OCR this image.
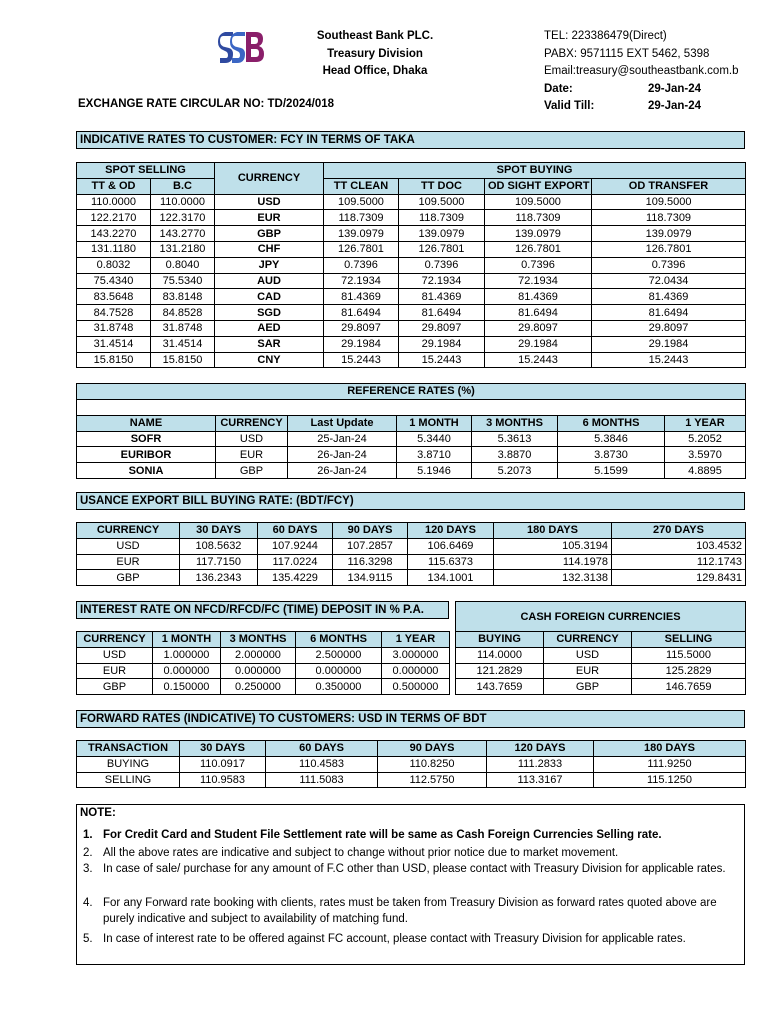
Southeast Bank PLC.
Treasury Division
Head Office, Dhaka
TEL: 223386479(Direct)
PABX: 9571115 EXT 5462, 5398
Email:treasury@southeastbank.com.b
Date:	29-Jan-24
Valid Till:	29-Jan-24
EXCHANGE RATE CIRCULAR NO: TD/2024/018
INDICATIVE RATES TO CUSTOMER: FCY IN TERMS OF TAKA
SPOT SELLING		CURRENCY	SPOT BUYING			
TT & OD	B.C		TT CLEAN	TT DOC	OD SIGHT EXPORT	OD TRANSFER
110.0000	110.0000	USD	109.5000	109.5000	109.5000	109.5000
122.2170	122.3170	EUR	118.7309	118.7309	118.7309	118.7309
143.2270	143.2770	GBP	139.0979	139.0979	139.0979	139.0979
131.1180	131.2180	CHF	126.7801	126.7801	126.7801	126.7801
0.8032	0.8040	JPY	0.7396	0.7396	0.7396	0.7396
75.4340	75.5340	AUD	72.1934	72.1934	72.1934	72.0434
83.5648	83.8148	CAD	81.4369	81.4369	81.4369	81.4369
84.7528	84.8528	SGD	81.6494	81.6494	81.6494	81.6494
31.8748	31.8748	AED	29.8097	29.8097	29.8097	29.8097
31.4514	31.4514	SAR	29.1984	29.1984	29.1984	29.1984
15.8150	15.8150	CNY	15.2443	15.2443	15.2443	15.2443
REFERENCE RATES (%)						

NAME	CURRENCY	Last Update	1 MONTH	3 MONTHS	6 MONTHS	1 YEAR
SOFR	USD	25-Jan-24	5.3440	5.3613	5.3846	5.2052
EURIBOR	EUR	26-Jan-24	3.8710	3.8870	3.8730	3.5970
SONIA	GBP	26-Jan-24	5.1946	5.2073	5.1599	4.8895
USANCE EXPORT BILL BUYING RATE: (BDT/FCY)
CURRENCY	30 DAYS	60 DAYS	90 DAYS	120 DAYS	180 DAYS	270 DAYS
USD	108.5632	107.9244	107.2857	106.6469	105.3194	103.4532
EUR	117.7150	117.0224	116.3298	115.6373	114.1978	112.1743
GBP	136.2343	135.4229	134.9115	134.1001	132.3138	129.8431
INTEREST RATE ON NFCD/RFCD/FC (TIME) DEPOSIT IN % P.A.
CURRENCY	1 MONTH	3 MONTHS	6 MONTHS	1 YEAR
USD	1.000000	2.000000	2.500000	3.000000
EUR	0.000000	0.000000	0.000000	0.000000
GBP	0.150000	0.250000	0.350000	0.500000
CASH FOREIGN CURRENCIES		
BUYING	CURRENCY	SELLING
114.0000	USD	115.5000
121.2829	EUR	125.2829
143.7659	GBP	146.7659
FORWARD RATES (INDICATIVE) TO CUSTOMERS: USD IN TERMS OF BDT
TRANSACTION	30 DAYS	60 DAYS	90 DAYS	120 DAYS	180 DAYS
BUYING	110.0917	110.4583	110.8250	111.2833	111.9250
SELLING	110.9583	111.5083	112.5750	113.3167	115.1250
NOTE:
1. For Credit Card and Student File Settlement rate will be same as Cash Foreign Currencies Selling rate.
2. All the above rates are indicative and subject to change without prior notice due to market movement.
3. In case of sale/ purchase for any amount of F.C other than USD, please contact with Treasury Division for applicable rates.
4. For any Forward rate booking with clients, rates must be taken from Treasury Division as forward rates quoted above are purely indicative and subject to availability of matching fund.
5. In case of interest rate to be offered against FC account, please contact with Treasury Division for applicable rates.
